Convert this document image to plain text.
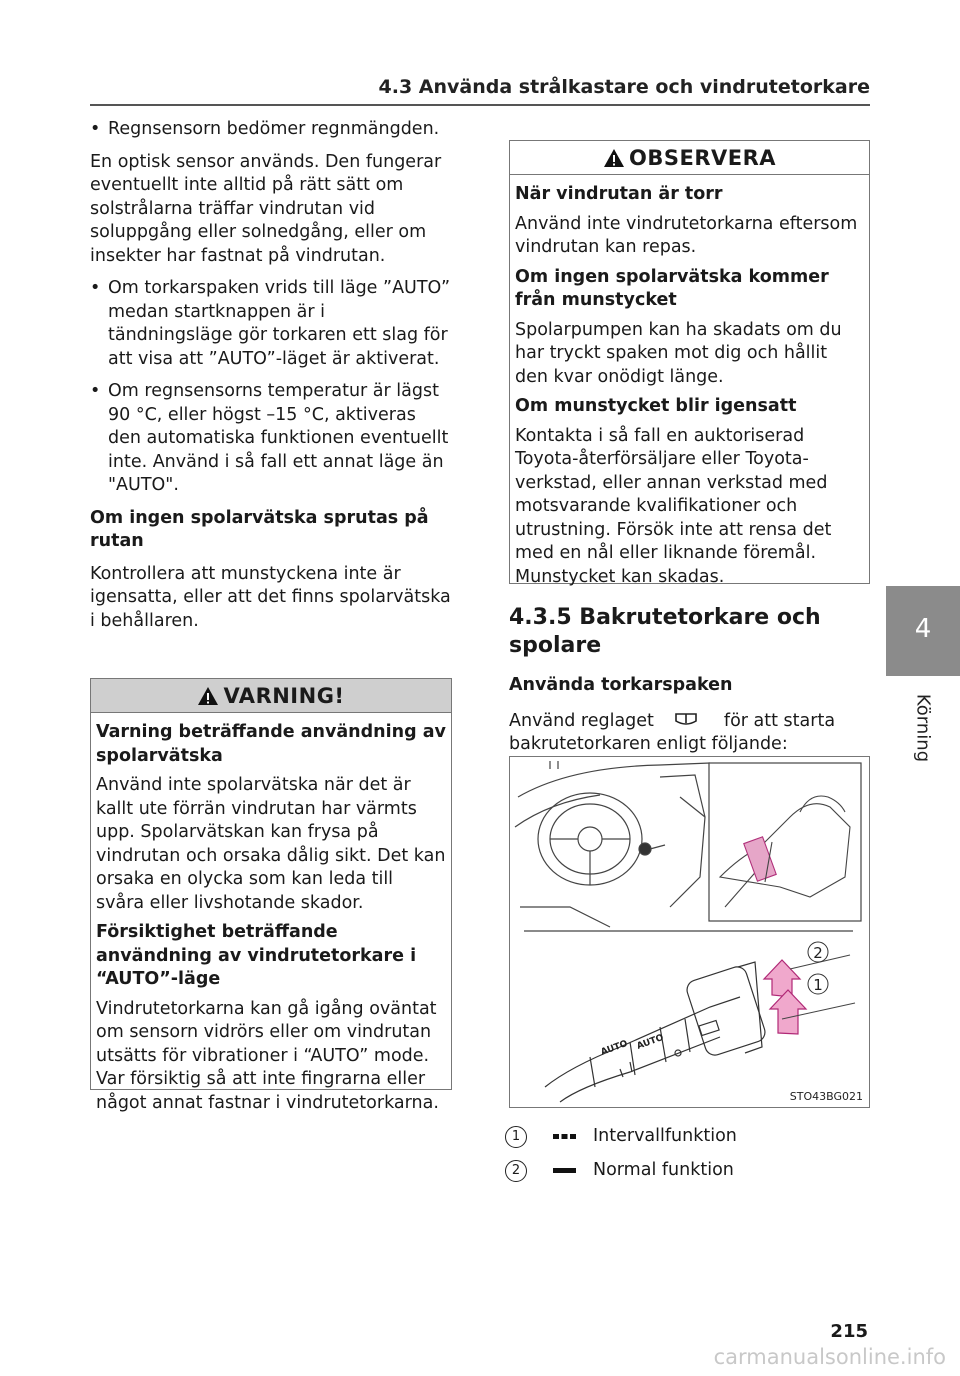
4.3 Använda strålkastare och vindrutetorkare
4
Körning
• Regnsensorn bedömer regnmängden.

En optisk sensor används. Den fungerar eventuellt inte alltid på rätt sätt om solstrålarna träffar vindrutan vid soluppgång eller solnedgång, eller om insekter har fastnat på vindrutan.

• Om torkarspaken vrids till läge ”AUTO” medan startknappen är i tändningsläge gör torkaren ett slag för att visa att ”AUTO”-läget är aktiverat.
• Om regnsensorns temperatur är lägst 90 °C, eller högst –15 °C, aktiveras den automatiska funktionen eventuellt inte. Använd i så fall ett annat läge än "AUTO".

Om ingen spolarvätska sprutas på rutan

Kontrollera att munstyckena inte är igensatta, eller att det finns spolarvätska i behållaren.

VARNING!

Varning beträffande användning av spolarvätska

Använd inte spolarvätska när det är kallt ute förrän vindrutan har värmts upp. Spolarvätskan kan frysa på vindrutan och orsaka dålig sikt. Det kan orsaka en olycka som kan leda till svåra eller livshotande skador.

Försiktighet beträffande användning av vindrutetorkare i “AUTO”-läge

Vindrutetorkarna kan gå igång oväntat om sensorn vidrörs eller om vindrutan utsätts för vibrationer i “AUTO” mode. Var försiktig så att inte fingrarna eller något annat fastnar i vindrutetorkarna.

OBSERVERA

När vindrutan är torr

Använd inte vindrutetorkarna eftersom vindrutan kan repas.

Om ingen spolarvätska kommer från munstycket

Spolarpumpen kan ha skadats om du har tryckt spaken mot dig och hållit den kvar onödigt länge.

Om munstycket blir igensatt

Kontakta i så fall en auktoriserad Toyota-återförsäljare eller Toyota-verkstad, eller annan verkstad med motsvarande kvalifikationer och utrustning. Försök inte att rensa det med en nål eller liknande föremål. Munstycket kan skadas.

4.3.5 Bakrutetorkare och spolare

Använda torkarspaken

Använd reglaget	för att starta
bakrutetorkaren enligt följande:

AUTO AUTO
2
1
STO43BG021
1	Intervallfunktion
2	Normal funktion
215
carmanualsonline.info
